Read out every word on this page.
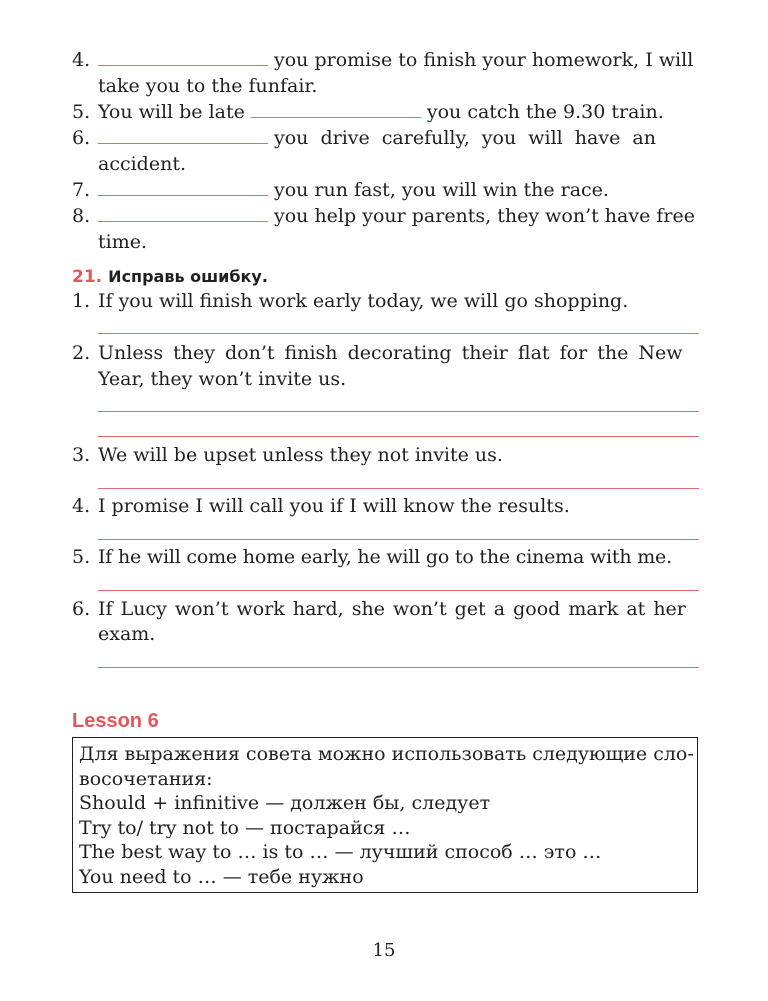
4.	you promise to finish your homework, I will
take you to the funfair.
5. You will be late	you catch the 9.30 train.
6.	you drive carefully, you will have an
accident.
7.	you run fast, you will win the race.
8.	you help your parents, they won’t have free
time.
21. Исправь ошибку.
1. If you will finish work early today, we will go shopping.
2. Unless they don’t finish decorating their flat for the New
Year, they won’t invite us.
3. We will be upset unless they not invite us.
4. I promise I will call you if I will know the results.
5. If he will come home early, he will go to the cinema with me.
6. If Lucy won’t work hard, she won’t get a good mark at her
exam.
Lesson 6
Для выражения совета можно использовать следующие сло-
восочетания:
Should + infinitive — должен бы, следует
Try to/ try not to — постарайся …
The best way to … is to … — лучший способ … это …
You need to … — тебе нужно
15
